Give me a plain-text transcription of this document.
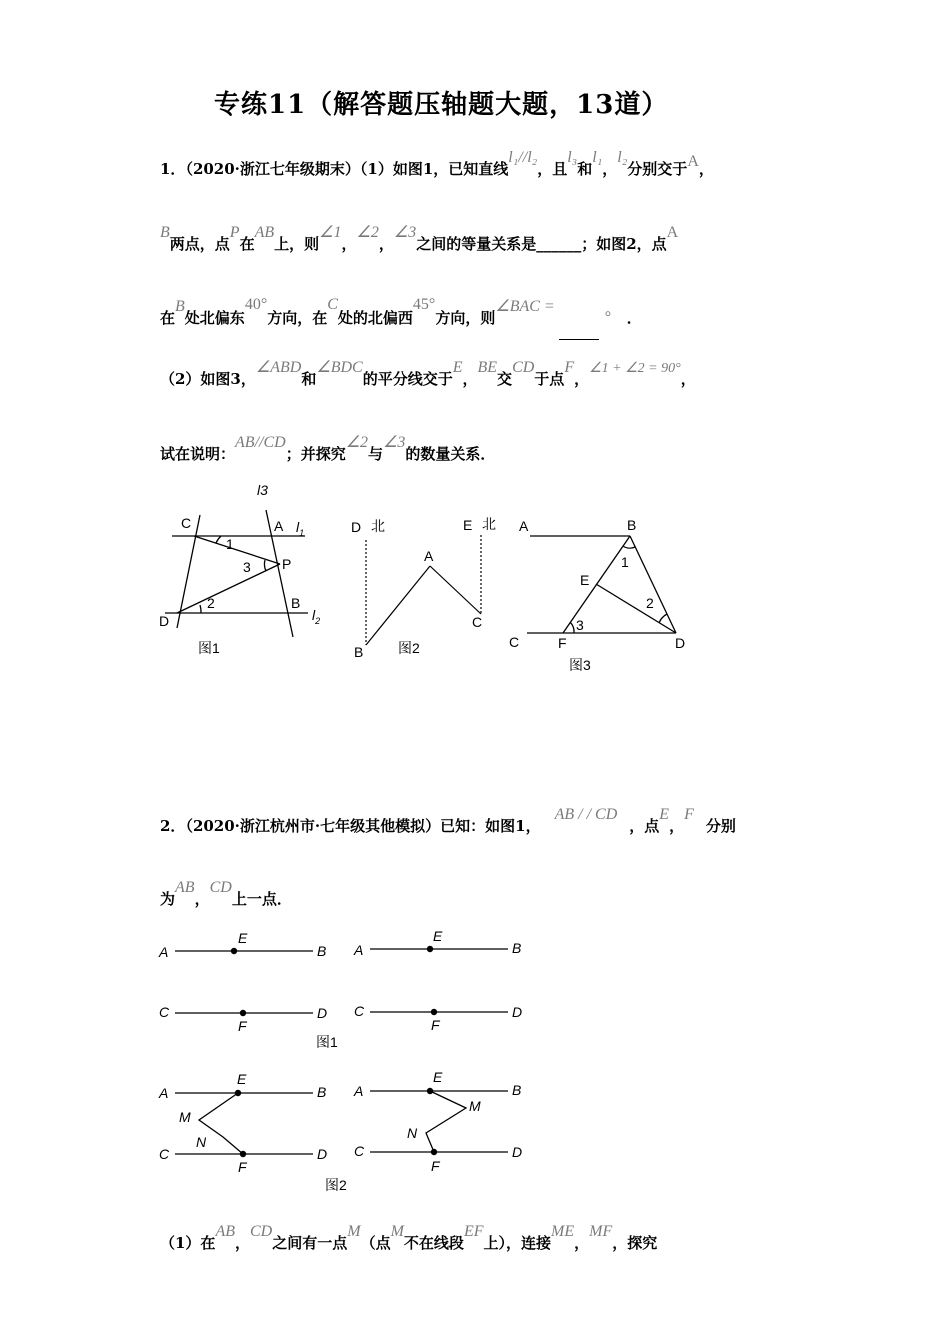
专练11（解答题压轴题大题，13道）
1．（2020·浙江七年级期末）（1）如图1，已知直线l₁//l₂，且l₃和l₁，l₂分别交于A，
B两点，点P在AB上，则∠1，∠2，∠3之间的等量关系是______；如图2，点A
在B处北偏东40°方向，在C处的北偏西45°方向，则∠BAC =
° ．
（2）如图3，∠ABD和∠BDC的平分线交于E，BE交CD于点F，∠1 + ∠2 = 90°，
试在说明：AB//CD；并探究∠2与∠3的数量关系．
C	A $l_1$
l3
1
3 P
D
2	B
$l_2$
图1
D 北	E 北
A
B
C
图2
A	B
1
E
2
C	F
3
D
图3
2．（2020·浙江杭州市·七年级其他模拟）已知：如图1，AB / / CD，点E，F分别
为AB，CD上一点．
A
E
B
C
F
D
A
E
B
C
F
D
图1
A
E
B
M
N
C
F
D
A
E
B
M
N
C
F
D
图2
（1）在AB，CD之间有一点M（点M不在线段EF上），连接ME，MF，探究
